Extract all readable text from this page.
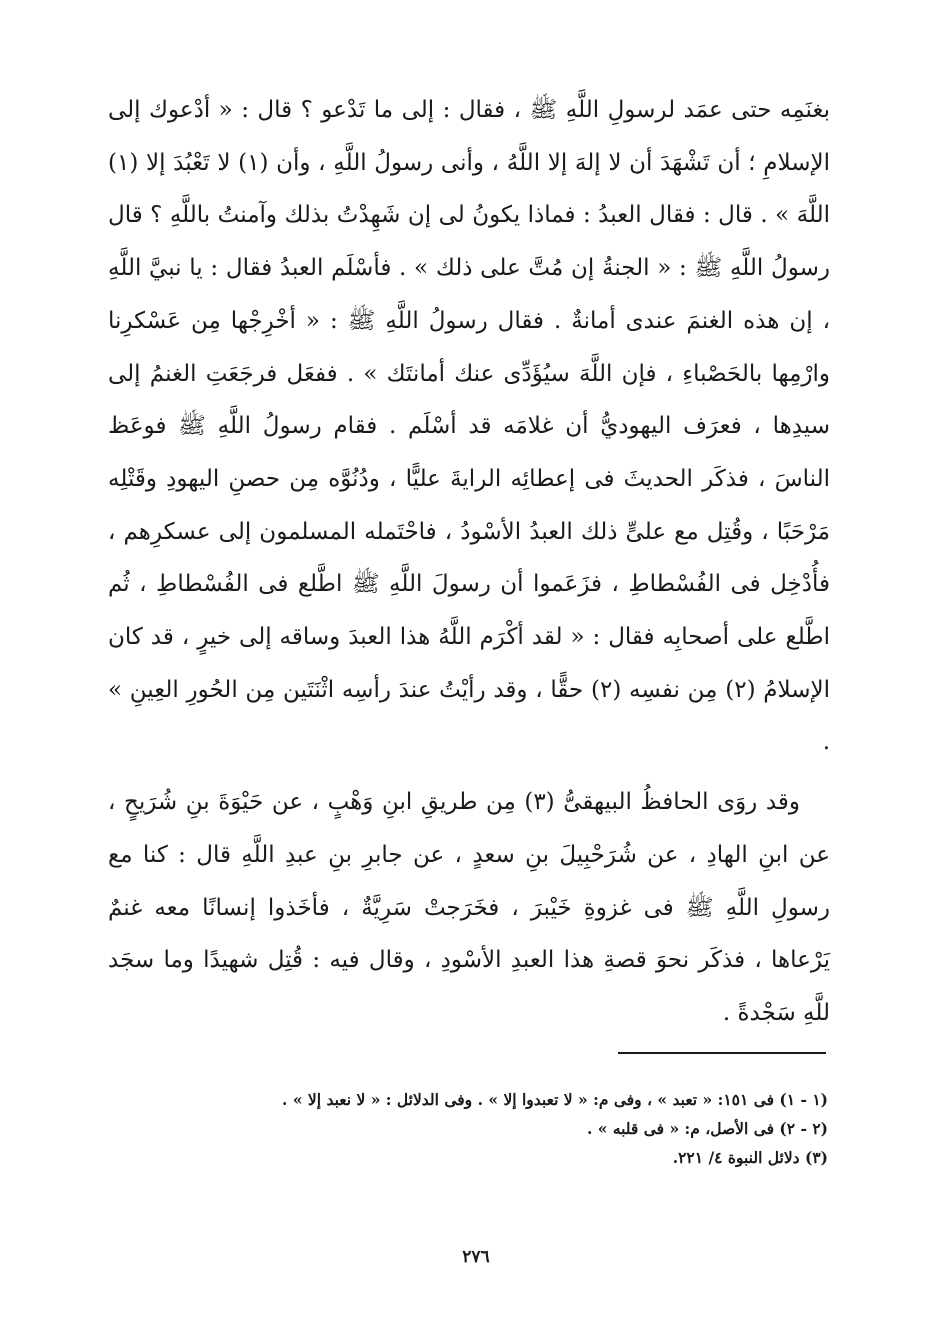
بغنَمِه حتى عمَد لرسولِ اللَّهِ ﷺ ، فقال : إلى ما تَدْعو ؟ قال : « أدْعوك إلى الإسلامِ ؛ أن تَشْهَدَ أن لا إلهَ إلا اللَّهُ ، وأنى رسولُ اللَّهِ ، وأن (١) لا تَعْبُدَ إلا (١) اللَّهَ » . قال : فقال العبدُ : فماذا يكونُ لى إن شَهِدْتُ بذلك وآمنتُ باللَّهِ ؟ قال رسولُ اللَّهِ ﷺ : « الجنةُ إن مُتَّ على ذلك » . فأسْلَم العبدُ فقال : يا نبيَّ اللَّهِ ، إن هذه الغنمَ عندى أمانةٌ . فقال رسولُ اللَّهِ ﷺ : « أخْرِجْها مِن عَسْكرِنا وارْمِها بالحَصْباءِ ، فإن اللَّهَ سيُؤَدِّى عنك أمانتَك » . ففعَل فرجَعَتِ الغنمُ إلى سيدِها ، فعرَف اليهوديُّ أن غلامَه قد أسْلَم . فقام رسولُ اللَّهِ ﷺ فوعَظ الناسَ ، فذكَر الحديثَ فى إعطائِه الرايةَ عليًّا ، ودُنُوَّه مِن حصنِ اليهودِ وقَتْلِه مَرْحَبًا ، وقُتِل مع علىٍّ ذلك العبدُ الأسْودُ ، فاحْتَمله المسلمون إلى عسكرِهم ، فأُدْخِل فى الفُسْطاطِ ، فزَعَموا أن رسولَ اللَّهِ ﷺ اطَّلع فى الفُسْطاطِ ، ثُم اطَّلع على أصحابِه فقال : « لقد أكْرَم اللَّهُ هذا العبدَ وساقه إلى خيرٍ ، قد كان الإسلامُ (٢) مِن نفسِه (٢) حقًّا ، وقد رأيْتُ عندَ رأسِه اثْنَتَين مِن الحُورِ العِينِ » .

وقد روَى الحافظُ البيهقىُّ (٣) مِن طريقِ ابنِ وَهْبٍ ، عن حَيْوَةَ بنِ شُرَيحٍ ، عن ابنِ الهادِ ، عن شُرَحْبِيلَ بنِ سعدٍ ، عن جابرِ بنِ عبدِ اللَّهِ قال : كنا مع رسولِ اللَّهِ ﷺ فى غزوةِ خَيْبرَ ، فخَرَجتْ سَرِيَّةٌ ، فأخَذوا إنسانًا معه غنمٌ يَرْعاها ، فذكَر نحوَ قصةِ هذا العبدِ الأسْودِ ، وقال فيه : قُتِل شهيدًا وما سجَد للَّهِ سَجْدةً .

(١ - ١) فى ١٥١: « تعبد » ، وفى م: « لا تعبدوا إلا » . وفى الدلائل : « لا نعبد إلا » .

(٢ - ٢) فى الأصل، م: « فى قلبه » .

(٣) دلائل النبوة ٤/ ٢٢١.

٢٧٦
